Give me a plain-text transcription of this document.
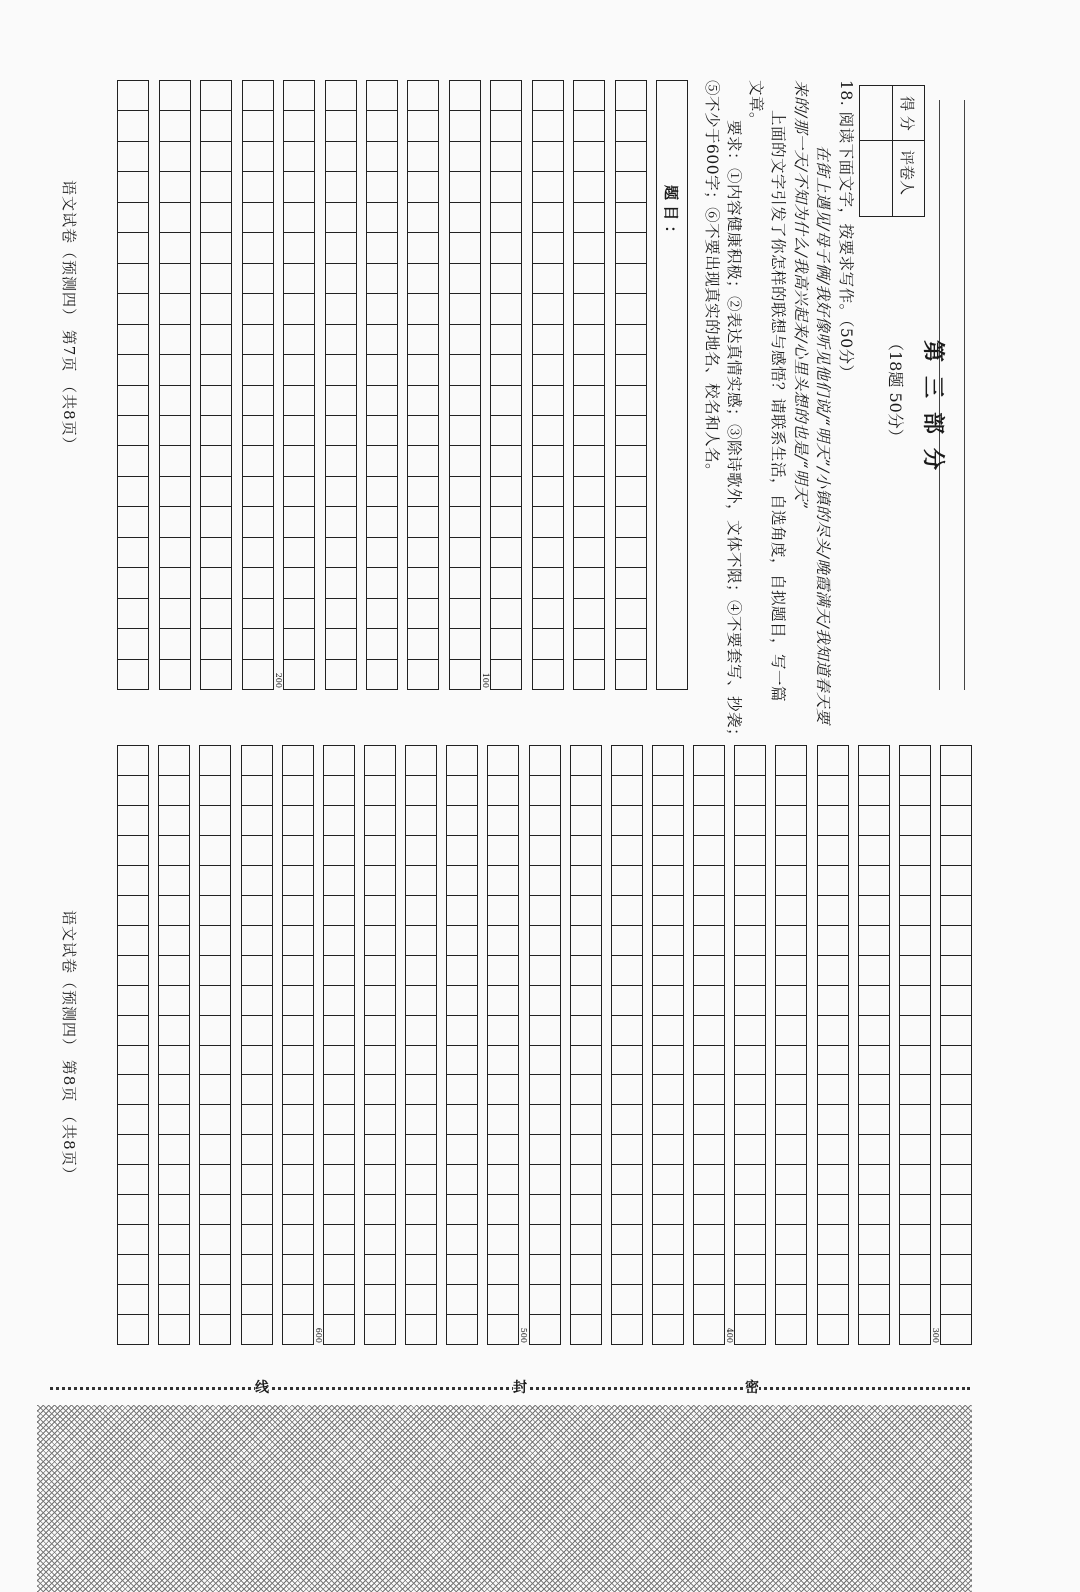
得 分
评卷人
第三部分
（18题 50分）
18. 阅读下面文字，按要求写作。（50分）
在街上遇见/母子俩/我好像听见他们说/“明天”/小镇的尽头/晚霞满天/我知道春天要
来的/那一天/不知为什么/我高兴起来/心里头想的也是/“明天”
上面的文字引发了你怎样的联想与感悟？请联系生活，自选角度，自拟题目，写一篇
文章。
要求：①内容健康积极；②表达真情实感；③除诗歌外，文体不限；④不要套写、抄袭；
⑤不少于600字；⑥不要出现真实的地名、校名和人名。
100
200
题 目 ：
300
400
500
600
语文试卷（预测四） 第7页 （共8页）
语文试卷（预测四） 第8页 （共8页）
密
封
线
